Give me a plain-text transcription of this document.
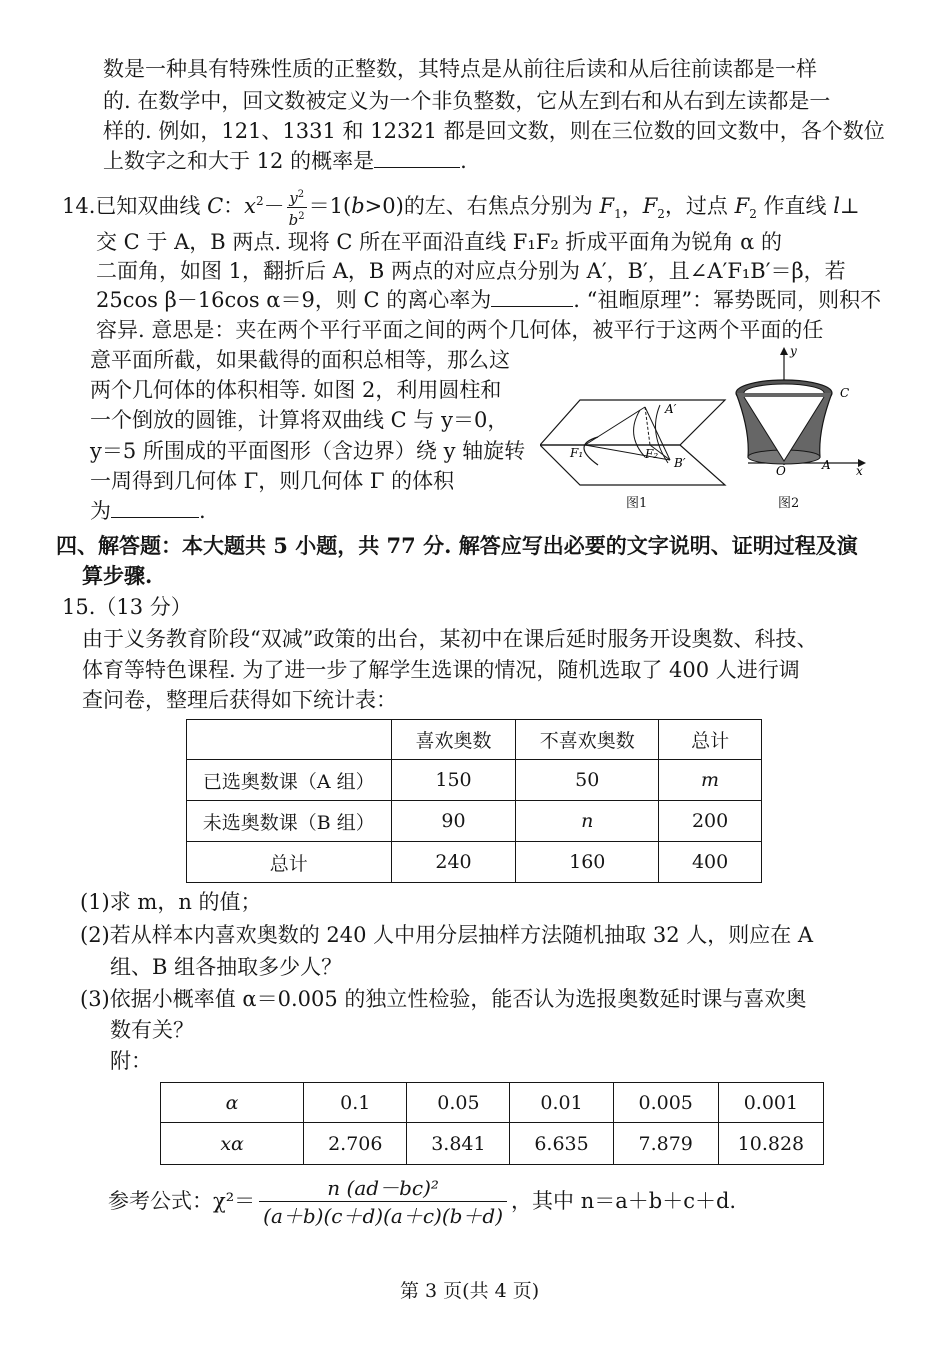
数是一种具有特殊性质的正整数，其特点是从前往后读和从后往前读都是一样
的. 在数学中，回文数被定义为一个非负整数，它从左到右和从右到左读都是一
样的. 例如，121、1331 和 12321 都是回文数，则在三位数的回文数中，各个数位
上数字之和大于 12 的概率是	.
14.已知双曲线 C：$x^2- \frac{y^2}{b^2} =1(b>0)$的左、右焦点分别为 $F_1$，$F_2$，过点 $F_2$ 作直线 l⊥
交 C 于 A，B 两点. 现将 C 所在平面沿直线 F₁F₂ 折成平面角为锐角 α 的
二面角，如图 1，翻折后 A，B 两点的对应点分别为 A′，B′，且∠A′F₁B′＝β，若
25cos β－16cos α＝9，则 C 的离心率为	. “祖暅原理”：幂势既同，则积不
容异. 意思是：夹在两个平行平面之间的两个几何体，被平行于这两个平面的任
意平面所截，如果截得的面积总相等，那么这
两个几何体的体积相等. 如图 2，利用圆柱和
一个倒放的圆锥，计算将双曲线 C 与 y＝0，
y＝5 所围成的平面图形（含边界）绕 y 轴旋转
一周得到几何体 Γ，则几何体 Γ 的体积
为	.
A′
F₁	F₂
B′
图1
y
C
O	A x
图2
四、解答题：本大题共 5 小题，共 77 分. 解答应写出必要的文字说明、证明过程及演
算步骤.
15.（13 分）
由于义务教育阶段“双减”政策的出台，某初中在课后延时服务开设奥数、科技、
体育等特色课程. 为了进一步了解学生选课的情况，随机选取了 400 人进行调
查问卷，整理后获得如下统计表：
	喜欢奥数	不喜欢奥数	总计
已选奥数课（A 组）	150	50	m
未选奥数课（B 组）	90	n	200
总计	240	160	400
(1)求 m，n 的值；
(2)若从样本内喜欢奥数的 240 人中用分层抽样方法随机抽取 32 人，则应在 A
组、B 组各抽取多少人？
(3)依据小概率值 α＝0.005 的独立性检验，能否认为选报奥数延时课与喜欢奥
数有关？
附：
α	0.1	0.05	0.01	0.005	0.001
xα	2.706	3.841	6.635	7.879	10.828
参考公式：$\chi^2= \frac{\text{n (ad－bc)²}}{(a+b)(c+d)(a+c)(b+d)}$ ，其中 n＝a＋b＋c＋d.
第 3 页(共 4 页)
